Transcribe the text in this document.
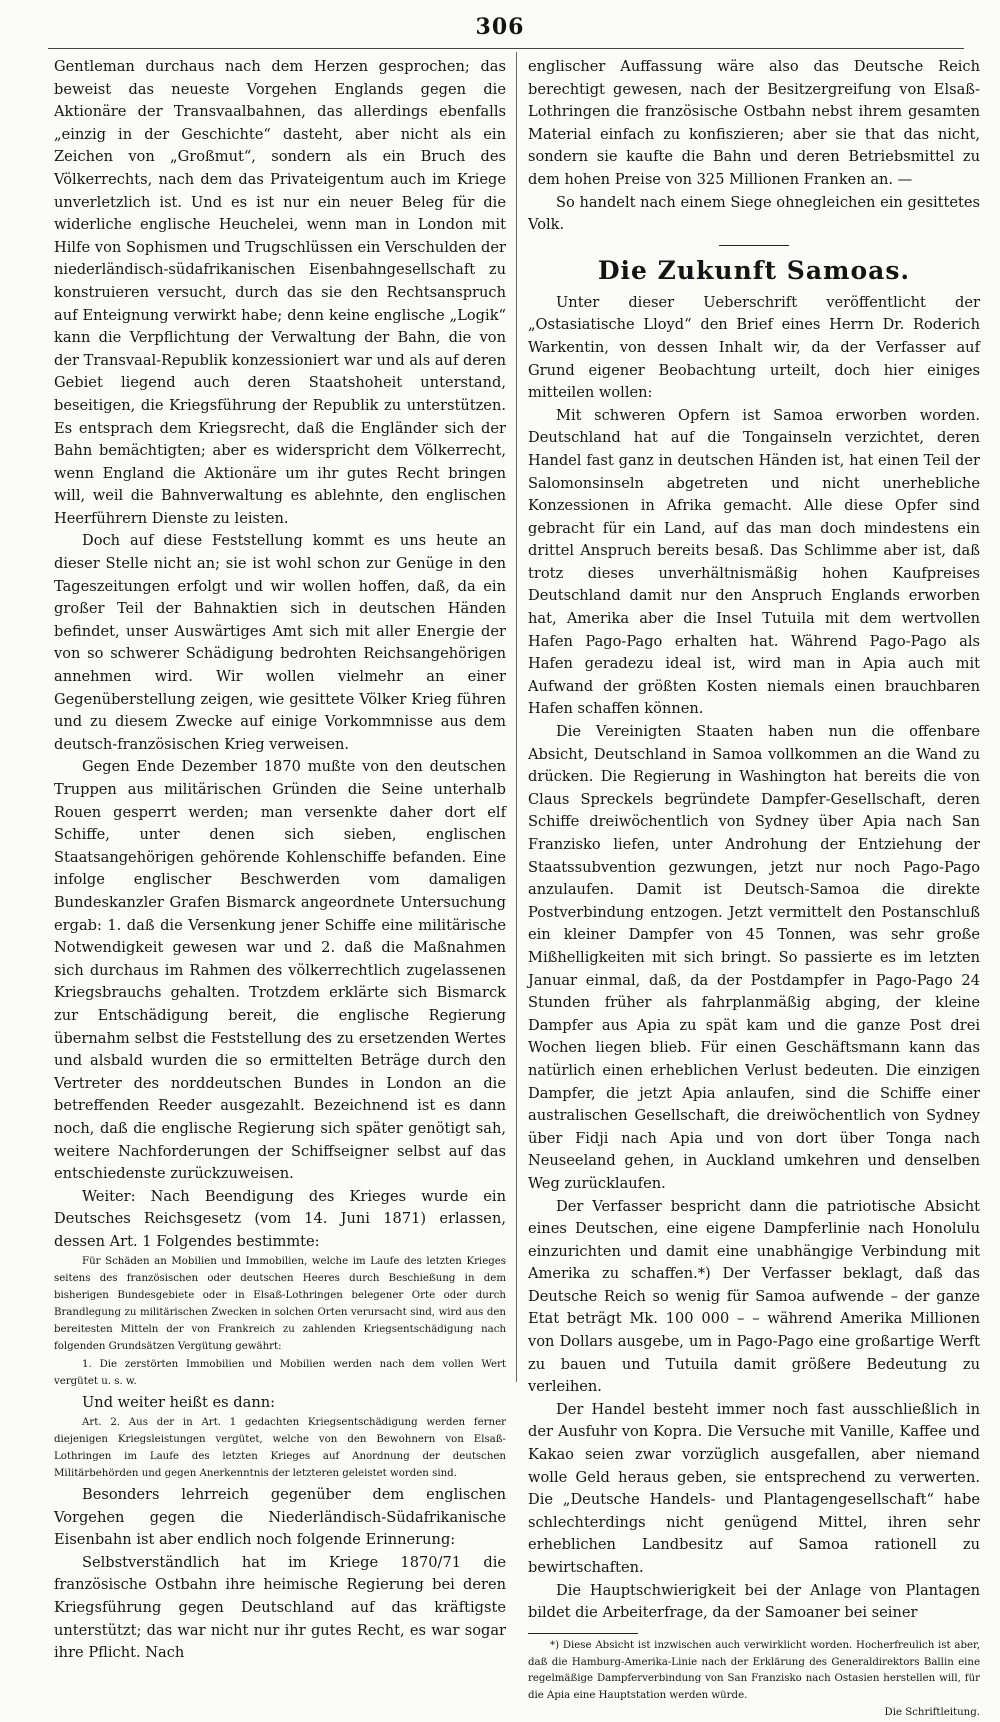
306

Gentleman durchaus nach dem Herzen gesprochen; das beweist das neueste Vorgehen Englands gegen die Aktionäre der Transvaalbahnen, das allerdings ebenfalls „einzig in der Geschichte“ dasteht, aber nicht als ein Zeichen von „Großmut“, sondern als ein Bruch des Völkerrechts, nach dem das Privateigentum auch im Kriege unverletzlich ist. Und es ist nur ein neuer Beleg für die widerliche englische Heuchelei, wenn man in London mit Hilfe von Sophismen und Trugschlüssen ein Verschulden der niederländisch-südafrikanischen Eisenbahngesellschaft zu konstruieren versucht, durch das sie den Rechtsanspruch auf Enteignung verwirkt habe; denn keine englische „Logik“ kann die Verpflichtung der Verwaltung der Bahn, die von der Transvaal-Republik konzessioniert war und als auf deren Gebiet liegend auch deren Staatshoheit unterstand, beseitigen, die Kriegsführung der Republik zu unterstützen. Es entsprach dem Kriegsrecht, daß die Engländer sich der Bahn bemächtigten; aber es widerspricht dem Völkerrecht, wenn England die Aktionäre um ihr gutes Recht bringen will, weil die Bahnverwaltung es ablehnte, den englischen Heerführern Dienste zu leisten.

Doch auf diese Feststellung kommt es uns heute an dieser Stelle nicht an; sie ist wohl schon zur Genüge in den Tageszeitungen erfolgt und wir wollen hoffen, daß, da ein großer Teil der Bahnaktien sich in deutschen Händen befindet, unser Auswärtiges Amt sich mit aller Energie der von so schwerer Schädigung bedrohten Reichsangehörigen annehmen wird. Wir wollen vielmehr an einer Gegenüberstellung zeigen, wie gesittete Völker Krieg führen und zu diesem Zwecke auf einige Vorkommnisse aus dem deutsch-französischen Krieg verweisen.

Gegen Ende Dezember 1870 mußte von den deutschen Truppen aus militärischen Gründen die Seine unterhalb Rouen gesperrt werden; man versenkte daher dort elf Schiffe, unter denen sich sieben, englischen Staatsangehörigen gehörende Kohlenschiffe befanden. Eine infolge englischer Beschwerden vom damaligen Bundeskanzler Grafen Bismarck angeordnete Untersuchung ergab: 1. daß die Versenkung jener Schiffe eine militärische Notwendigkeit gewesen war und 2. daß die Maßnahmen sich durchaus im Rahmen des völkerrechtlich zugelassenen Kriegsbrauchs gehalten. Trotzdem erklärte sich Bismarck zur Entschädigung bereit, die englische Regierung übernahm selbst die Feststellung des zu ersetzenden Wertes und alsbald wurden die so ermittelten Beträge durch den Vertreter des norddeutschen Bundes in London an die betreffenden Reeder ausgezahlt. Bezeichnend ist es dann noch, daß die englische Regierung sich später genötigt sah, weitere Nachforderungen der Schiffseigner selbst auf das entschiedenste zurückzuweisen.

Weiter: Nach Beendigung des Krieges wurde ein Deutsches Reichsgesetz (vom 14. Juni 1871) erlassen, dessen Art. 1 Folgendes bestimmte:

Für Schäden an Mobilien und Immobilien, welche im Laufe des letzten Krieges seitens des französischen oder deutschen Heeres durch Beschießung in dem bisherigen Bundesgebiete oder in Elsaß-Lothringen belegener Orte oder durch Brandlegung zu militärischen Zwecken in solchen Orten verursacht sind, wird aus den bereitesten Mitteln der von Frankreich zu zahlenden Kriegsentschädigung nach folgenden Grundsätzen Vergütung gewährt:

1. Die zerstörten Immobilien und Mobilien werden nach dem vollen Wert vergütet u. s. w.

Und weiter heißt es dann:

Art. 2. Aus der in Art. 1 gedachten Kriegsentschädigung werden ferner diejenigen Kriegsleistungen vergütet, welche von den Bewohnern von Elsaß-Lothringen im Laufe des letzten Krieges auf Anordnung der deutschen Militärbehörden und gegen Anerkenntnis der letzteren geleistet worden sind.

Besonders lehrreich gegenüber dem englischen Vorgehen gegen die Niederländisch-Südafrikanische Eisenbahn ist aber endlich noch folgende Erinnerung:

Selbstverständlich hat im Kriege 1870/71 die französische Ostbahn ihre heimische Regierung bei deren Kriegsführung gegen Deutschland auf das kräftigste unterstützt; das war nicht nur ihr gutes Recht, es war sogar ihre Pflicht. Nach

englischer Auffassung wäre also das Deutsche Reich berechtigt gewesen, nach der Besitzergreifung von Elsaß-Lothringen die französische Ostbahn nebst ihrem gesamten Material einfach zu konfiszieren; aber sie that das nicht, sondern sie kaufte die Bahn und deren Betriebsmittel zu dem hohen Preise von 325 Millionen Franken an. —

So handelt nach einem Siege ohnegleichen ein gesittetes Volk.

Die Zukunft Samoas.

Unter dieser Ueberschrift veröffentlicht der „Ostasiatische Lloyd“ den Brief eines Herrn Dr. Roderich Warkentin, von dessen Inhalt wir, da der Verfasser auf Grund eigener Beobachtung urteilt, doch hier einiges mitteilen wollen:

Mit schweren Opfern ist Samoa erworben worden. Deutschland hat auf die Tongainseln verzichtet, deren Handel fast ganz in deutschen Händen ist, hat einen Teil der Salomonsinseln abgetreten und nicht unerhebliche Konzessionen in Afrika gemacht. Alle diese Opfer sind gebracht für ein Land, auf das man doch mindestens ein drittel Anspruch bereits besaß. Das Schlimme aber ist, daß trotz dieses unverhältnismäßig hohen Kaufpreises Deutschland damit nur den Anspruch Englands erworben hat, Amerika aber die Insel Tutuila mit dem wertvollen Hafen Pago-Pago erhalten hat. Während Pago-Pago als Hafen geradezu ideal ist, wird man in Apia auch mit Aufwand der größten Kosten niemals einen brauchbaren Hafen schaffen können.

Die Vereinigten Staaten haben nun die offenbare Absicht, Deutschland in Samoa vollkommen an die Wand zu drücken. Die Regierung in Washington hat bereits die von Claus Spreckels begründete Dampfer-Gesellschaft, deren Schiffe dreiwöchentlich von Sydney über Apia nach San Franzisko liefen, unter Androhung der Entziehung der Staatssubvention gezwungen, jetzt nur noch Pago-Pago anzulaufen. Damit ist Deutsch-Samoa die direkte Postverbindung entzogen. Jetzt vermittelt den Postanschluß ein kleiner Dampfer von 45 Tonnen, was sehr große Mißhelligkeiten mit sich bringt. So passierte es im letzten Januar einmal, daß, da der Postdampfer in Pago-Pago 24 Stunden früher als fahrplanmäßig abging, der kleine Dampfer aus Apia zu spät kam und die ganze Post drei Wochen liegen blieb. Für einen Geschäftsmann kann das natürlich einen erheblichen Verlust bedeuten. Die einzigen Dampfer, die jetzt Apia anlaufen, sind die Schiffe einer australischen Gesellschaft, die dreiwöchentlich von Sydney über Fidji nach Apia und von dort über Tonga nach Neuseeland gehen, in Auckland umkehren und denselben Weg zurücklaufen.

Der Verfasser bespricht dann die patriotische Absicht eines Deutschen, eine eigene Dampferlinie nach Honolulu einzurichten und damit eine unabhängige Verbindung mit Amerika zu schaffen.*) Der Verfasser beklagt, daß das Deutsche Reich so wenig für Samoa aufwende – der ganze Etat beträgt Mk. 100 000 – – während Amerika Millionen von Dollars ausgebe, um in Pago-Pago eine großartige Werft zu bauen und Tutuila damit größere Bedeutung zu verleihen.

Der Handel besteht immer noch fast ausschließlich in der Ausfuhr von Kopra. Die Versuche mit Vanille, Kaffee und Kakao seien zwar vorzüglich ausgefallen, aber niemand wolle Geld heraus geben, sie entsprechend zu verwerten. Die „Deutsche Handels- und Plantagengesellschaft“ habe schlechterdings nicht genügend Mittel, ihren sehr erheblichen Landbesitz auf Samoa rationell zu bewirtschaften.

Die Hauptschwierigkeit bei der Anlage von Plantagen bildet die Arbeiterfrage, da der Samoaner bei seiner

*) Diese Absicht ist inzwischen auch verwirklicht worden. Hocherfreulich ist aber, daß die Hamburg-Amerika-Linie nach der Erklärung des Generaldirektors Ballin eine regelmäßige Dampferverbindung von San Franzisko nach Ostasien herstellen will, für die Apia eine Hauptstation werden würde.

Die Schriftleitung.
